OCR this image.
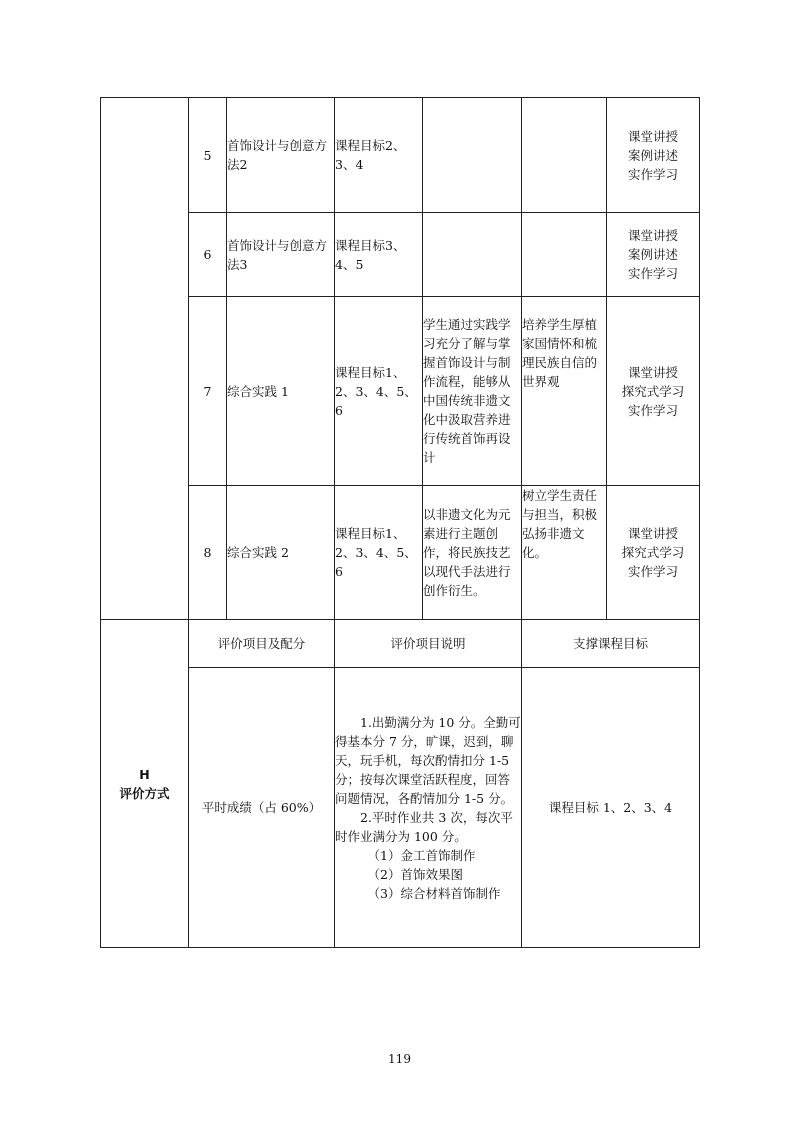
	5	首饰设计与创意方法2	课程目标2、3、4			课堂讲授
案例讲述
实作学习

	6	首饰设计与创意方法3	课程目标3、4、5			课堂讲授
案例讲述
实作学习

	7	综合实践 1	课程目标1、2、3、4、5、6	学生通过实践学习充分了解与掌握首饰设计与制作流程，能够从中国传统非遗文化中汲取营养进行传统首饰再设计	培养学生厚植家国情怀和梳理民族自信的世界观	课堂讲授
探究式学习
实作学习

	8	综合实践 2	课程目标1、2、3、4、5、6	以非遗文化为元素进行主题创作，将民族技艺以现代手法进行创作衍生。	树立学生责任与担当，积极弘扬非遗文化。	课堂讲授
探究式学习
实作学习

H
评价方式	评价项目及配分		评价项目说明		支撑课程目标	
	平时成绩（占 60%）		1.出勤满分为 10 分。全勤可得基本分 7 分，旷课，迟到，聊天，玩手机，每次酌情扣分 1-5 分；按每次课堂活跃程度，回答问题情况，各酌情加分 1-5 分。
2.平时作业共 3 次，每次平时作业满分为 100 分。
（1）金工首饰制作
（2）首饰效果图
（3）综合材料首饰制作		课程目标 1、2、3、4	
119
